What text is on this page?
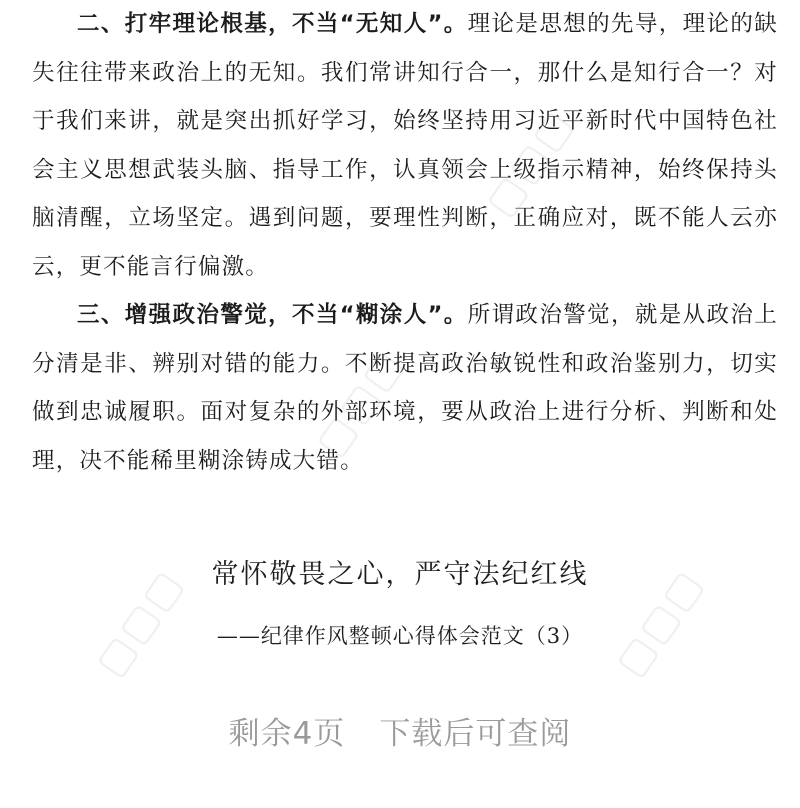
二、打牢理论根基，不当“无知人”。理论是思想的先导，理论的缺失往往带来政治上的无知。我们常讲知行合一，那什么是知行合一？对于我们来讲，就是突出抓好学习，始终坚持用习近平新时代中国特色社会主义思想武装头脑、指导工作，认真领会上级指示精神，始终保持头脑清醒，立场坚定。遇到问题，要理性判断，正确应对，既不能人云亦云，更不能言行偏激。

三、增强政治警觉，不当“糊涂人”。所谓政治警觉，就是从政治上分清是非、辨别对错的能力。不断提高政治敏锐性和政治鉴别力，切实做到忠诚履职。面对复杂的外部环境，要从政治上进行分析、判断和处理，决不能稀里糊涂铸成大错。

常怀敬畏之心，严守法纪红线
——纪律作风整顿心得体会范文（3）
剩余4页 下载后可查阅
▢▢▢
▢▢▢
▢▢▢	▢▢▢
